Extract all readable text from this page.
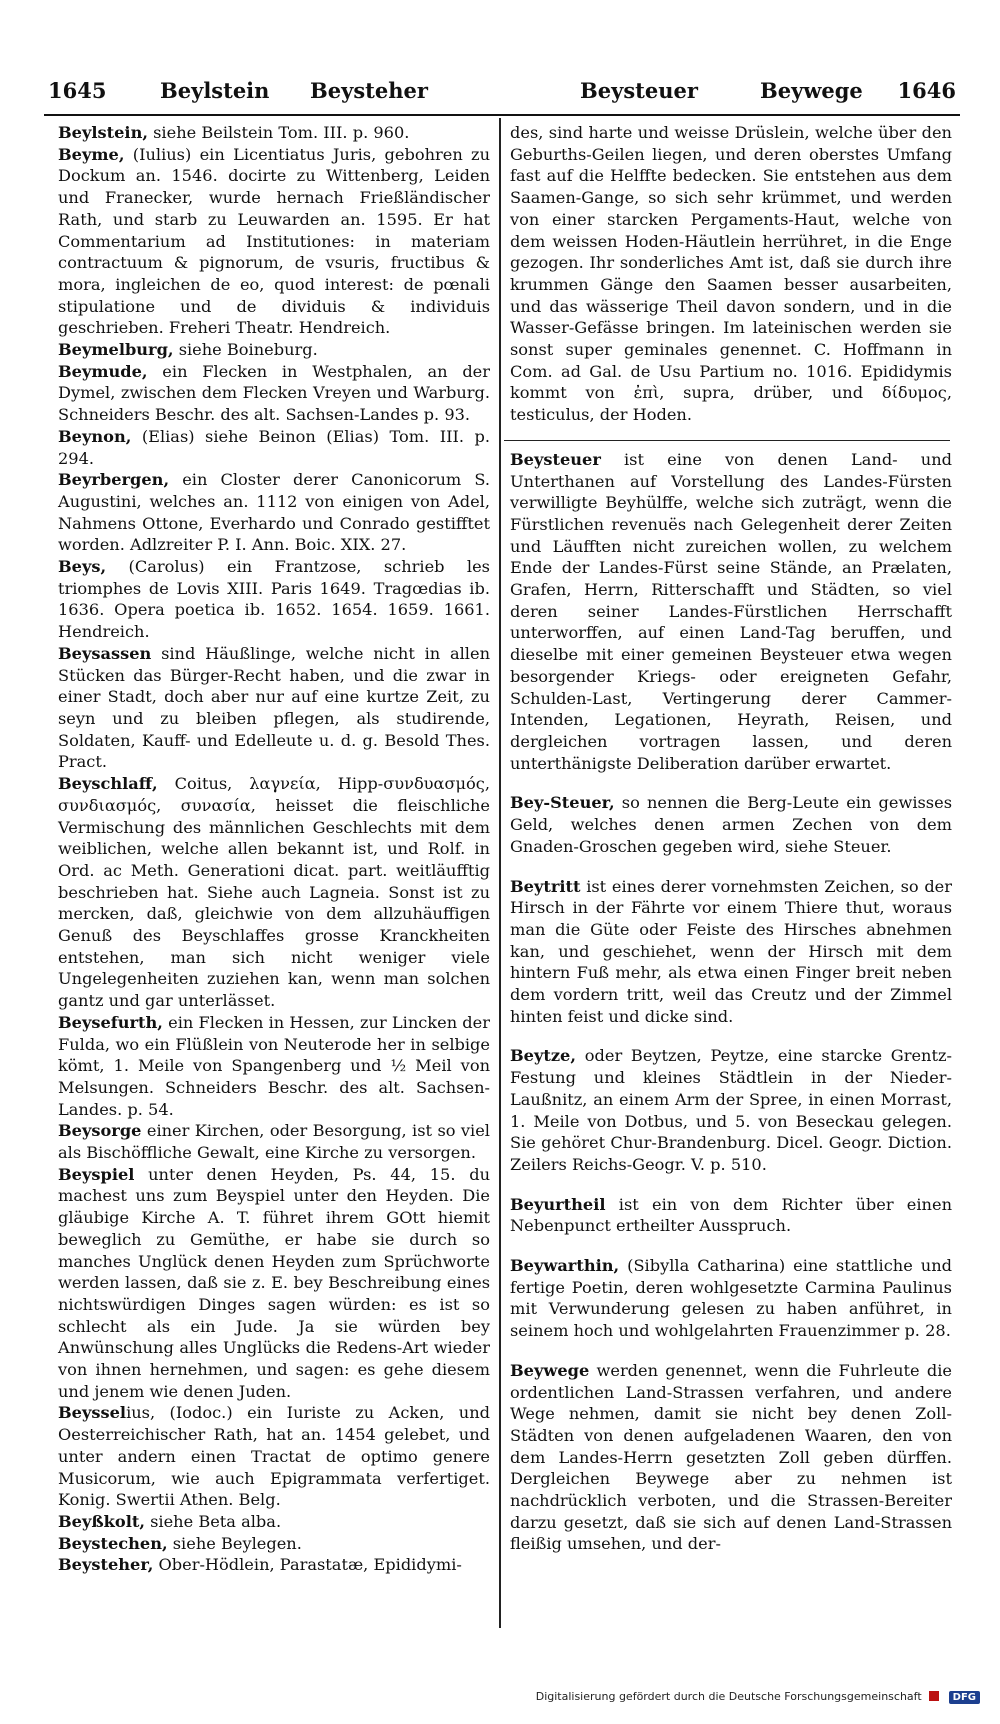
1645	Beylstein Beysteher	Beysteuer	Beywege 1646

Beylstein, siehe Beilstein Tom. III. p. 960.

Beyme, (Iulius) ein Licentiatus Juris, gebohren zu Dockum an. 1546. docirte zu Wittenberg, Leiden und Franecker, wurde hernach Frießländischer Rath, und starb zu Leuwarden an. 1595. Er hat Commentarium ad Institutiones: in materiam contractuum & pignorum, de vsuris, fructibus & mora, ingleichen de eo, quod interest: de pœnali stipulatione und de dividuis & individuis geschrieben. Freheri Theatr. Hendreich.

Beymelburg, siehe Boineburg.

Beymude, ein Flecken in Westphalen, an der Dymel, zwischen dem Flecken Vreyen und Warburg. Schneiders Beschr. des alt. Sachsen-Landes p. 93.

Beynon, (Elias) siehe Beinon (Elias) Tom. III. p. 294.

Beyrbergen, ein Closter derer Canonicorum S. Augustini, welches an. 1112 von einigen von Adel, Nahmens Ottone, Everhardo und Conrado gestifftet worden. Adlzreiter P. I. Ann. Boic. XIX. 27.

Beys, (Carolus) ein Frantzose, schrieb les triomphes de Lovis XIII. Paris 1649. Tragœdias ib. 1636. Opera poetica ib. 1652. 1654. 1659. 1661. Hendreich.

Beysassen sind Häußlinge, welche nicht in allen Stücken das Bürger-Recht haben, und die zwar in einer Stadt, doch aber nur auf eine kurtze Zeit, zu seyn und zu bleiben pflegen, als studirende, Soldaten, Kauff- und Edelleute u. d. g. Besold Thes. Pract.

Beyschlaff, Coitus, λαγνεία, Hipp-συνδυασμός, συνδιασμός, συνασία, heisset die fleischliche Vermischung des männlichen Geschlechts mit dem weiblichen, welche allen bekannt ist, und Rolf. in Ord. ac Meth. Generationi dicat. part. weitläufftig beschrieben hat. Siehe auch Lagneia. Sonst ist zu mercken, daß, gleichwie von dem allzuhäuffigen Genuß des Beyschlaffes grosse Kranckheiten entstehen, man sich nicht weniger viele Ungelegenheiten zuziehen kan, wenn man solchen gantz und gar unterlässet.

Beysefurth, ein Flecken in Hessen, zur Lincken der Fulda, wo ein Flüßlein von Neuterode her in selbige kömt, 1. Meile von Spangenberg und ½ Meil von Melsungen. Schneiders Beschr. des alt. Sachsen-Landes. p. 54.

Beysorge einer Kirchen, oder Besorgung, ist so viel als Bischöffliche Gewalt, eine Kirche zu versorgen.

Beyspiel unter denen Heyden, Ps. 44, 15. du machest uns zum Beyspiel unter den Heyden. Die gläubige Kirche A. T. führet ihrem GOtt hiemit beweglich zu Gemüthe, er habe sie durch so manches Unglück denen Heyden zum Sprüchworte werden lassen, daß sie z. E. bey Beschreibung eines nichtswürdigen Dinges sagen würden: es ist so schlecht als ein Jude. Ja sie würden bey Anwünschung alles Unglücks die Redens-Art wieder von ihnen hernehmen, und sagen: es gehe diesem und jenem wie denen Juden.

Beysselius, (Iodoc.) ein Iuriste zu Acken, und Oesterreichischer Rath, hat an. 1454 gelebet, und unter andern einen Tractat de optimo genere Musicorum, wie auch Epigrammata verfertiget. Konig. Swertii Athen. Belg.

Beyßkolt, siehe Beta alba.

Beystechen, siehe Beylegen.

Beysteher, Ober-Hödlein, Parastatæ, Epididymi-

des, sind harte und weisse Drüslein, welche über den Geburths-Geilen liegen, und deren oberstes Umfang fast auf die Helffte bedecken. Sie entstehen aus dem Saamen-Gange, so sich sehr krümmet, und werden von einer starcken Pergaments-Haut, welche von dem weissen Hoden-Häutlein herrühret, in die Enge gezogen. Ihr sonderliches Amt ist, daß sie durch ihre krummen Gänge den Saamen besser ausarbeiten, und das wässerige Theil davon sondern, und in die Wasser-Gefässe bringen. Im lateinischen werden sie sonst super geminales genennet. C. Hoffmann in Com. ad Gal. de Usu Partium no. 1016. Epididymis kommt von ἐπὶ, supra, drüber, und δίδυμος, testiculus, der Hoden.

Beysteuer ist eine von denen Land- und Unterthanen auf Vorstellung des Landes-Fürsten verwilligte Beyhülffe, welche sich zuträgt, wenn die Fürstlichen revenuës nach Gelegenheit derer Zeiten und Läufften nicht zureichen wollen, zu welchem Ende der Landes-Fürst seine Stände, an Prælaten, Grafen, Herrn, Ritterschafft und Städten, so viel deren seiner Landes-Fürstlichen Herrschafft unterworffen, auf einen Land-Tag beruffen, und dieselbe mit einer gemeinen Beysteuer etwa wegen besorgender Kriegs- oder ereigneten Gefahr, Schulden-Last, Vertingerung derer Cammer-Intenden, Legationen, Heyrath, Reisen, und dergleichen vortragen lassen, und deren unterthänigste Deliberation darüber erwartet.

Bey-Steuer, so nennen die Berg-Leute ein gewisses Geld, welches denen armen Zechen von dem Gnaden-Groschen gegeben wird, siehe Steuer.

Beytritt ist eines derer vornehmsten Zeichen, so der Hirsch in der Fährte vor einem Thiere thut, woraus man die Güte oder Feiste des Hirsches abnehmen kan, und geschiehet, wenn der Hirsch mit dem hintern Fuß mehr, als etwa einen Finger breit neben dem vordern tritt, weil das Creutz und der Zimmel hinten feist und dicke sind.

Beytze, oder Beytzen, Peytze, eine starcke Grentz-Festung und kleines Städtlein in der Nieder-Laußnitz, an einem Arm der Spree, in einen Morrast, 1. Meile von Dotbus, und 5. von Beseckau gelegen. Sie gehöret Chur-Brandenburg. Dicel. Geogr. Diction. Zeilers Reichs-Geogr. V. p. 510.

Beyurtheil ist ein von dem Richter über einen Nebenpunct ertheilter Ausspruch.

Beywarthin, (Sibylla Catharina) eine stattliche und fertige Poetin, deren wohlgesetzte Carmina Paulinus mit Verwunderung gelesen zu haben anführet, in seinem hoch und wohlgelahrten Frauenzimmer p. 28.

Beywege werden genennet, wenn die Fuhrleute die ordentlichen Land-Strassen verfahren, und andere Wege nehmen, damit sie nicht bey denen Zoll-Städten von denen aufgeladenen Waaren, den von dem Landes-Herrn gesetzten Zoll geben dürffen. Dergleichen Beywege aber zu nehmen ist nachdrücklich verboten, und die Strassen-Bereiter darzu gesetzt, daß sie sich auf denen Land-Strassen fleißig umsehen, und der-

Digitalisierung gefördert durch die Deutsche Forschungsgemeinschaft	DFG
